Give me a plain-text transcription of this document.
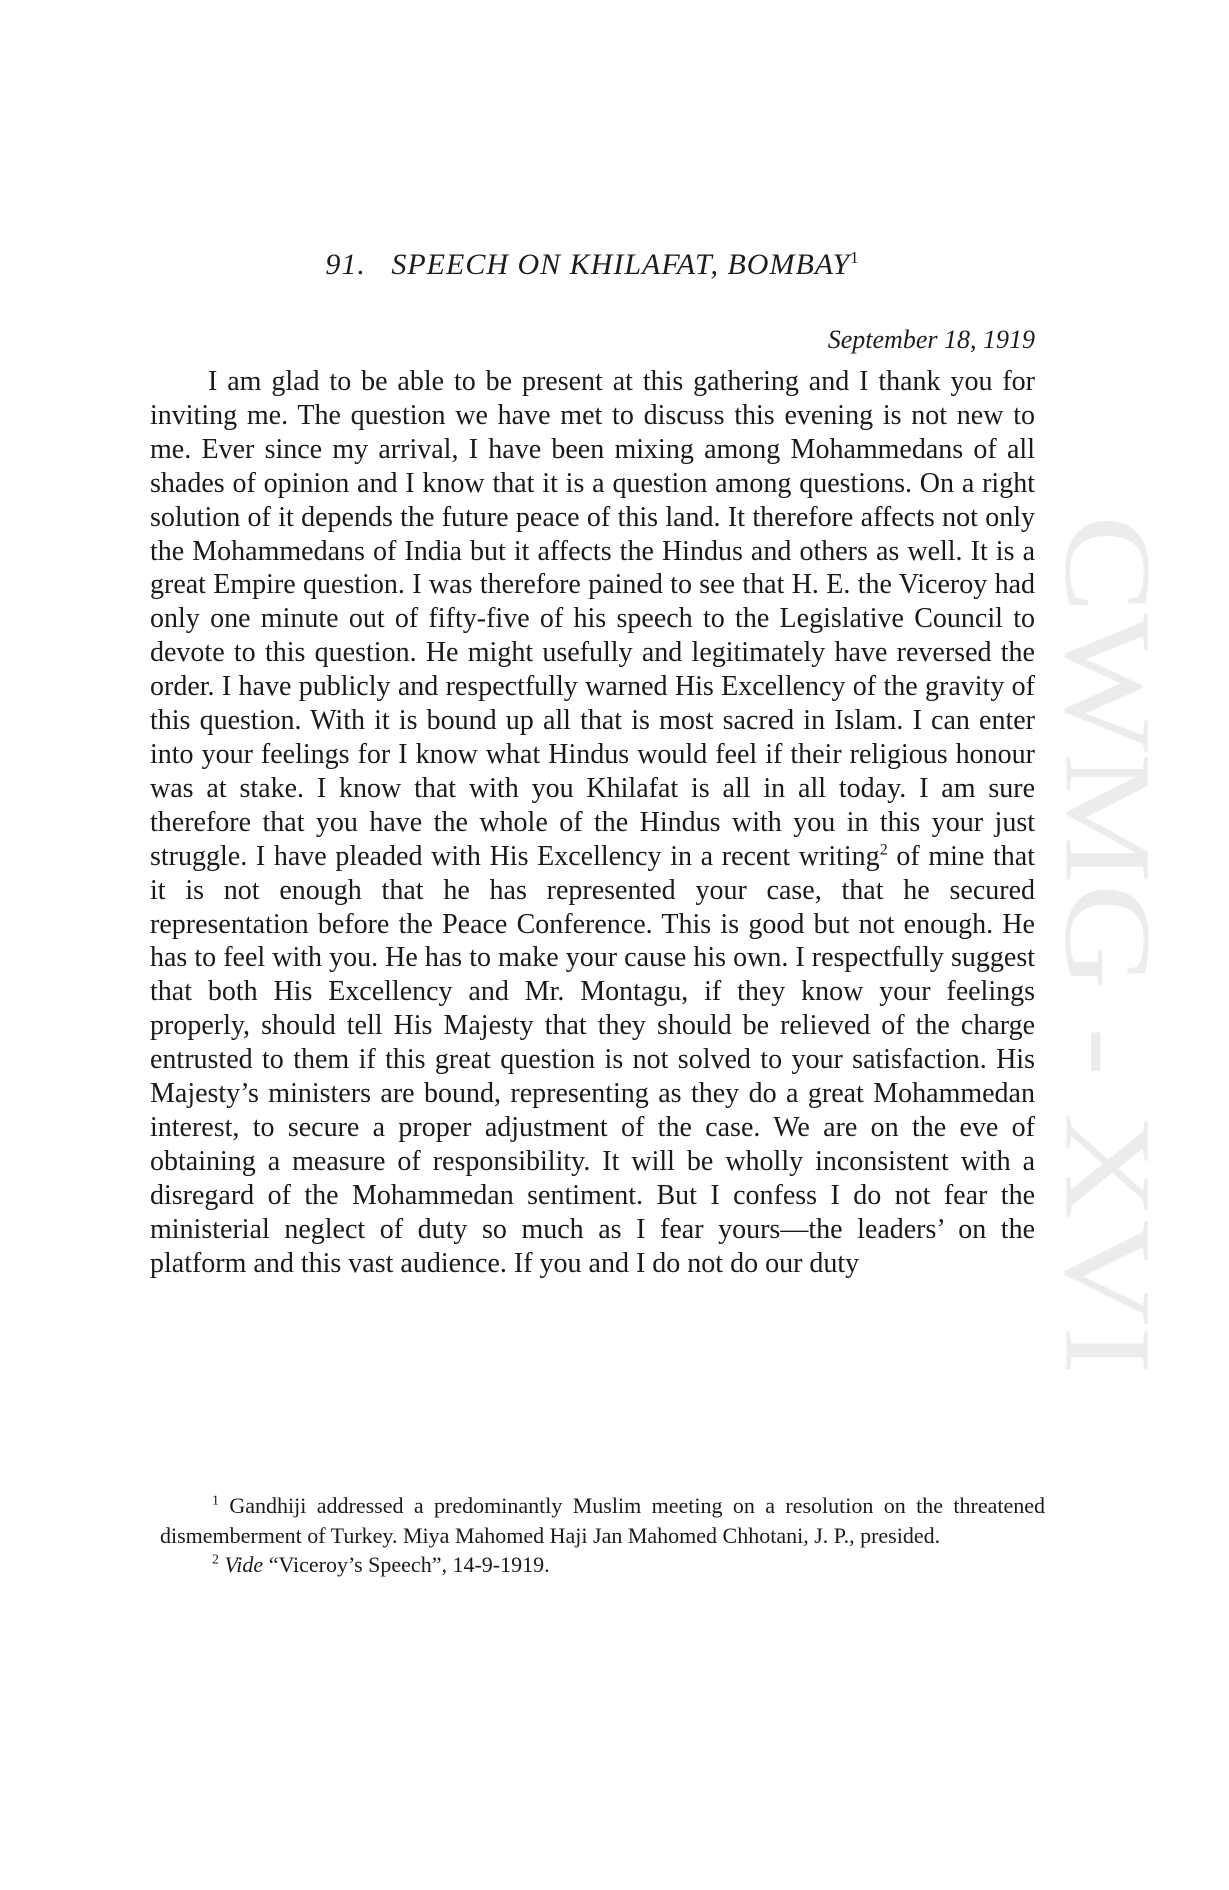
CWMG - XVI
91. SPEECH ON KHILAFAT, BOMBAY$^1$
September 18, 1919

I am glad to be able to be present at this gathering and I thank you for inviting me. The question we have met to discuss this evening is not new to me. Ever since my arrival, I have been mixing among Mohammedans of all shades of opinion and I know that it is a question among questions. On a right solution of it depends the future peace of this land. It therefore affects not only the Mohammedans of India but it affects the Hindus and others as well. It is a great Empire question. I was therefore pained to see that H. E. the Viceroy had only one minute out of fifty-five of his speech to the Legislative Council to devote to this question. He might usefully and legitimately have reversed the order. I have publicly and respectfully warned His Excellency of the gravity of this question. With it is bound up all that is most sacred in Islam. I can enter into your feelings for I know what Hindus would feel if their religious honour was at stake. I know that with you Khilafat is all in all today. I am sure therefore that you have the whole of the Hindus with you in this your just struggle. I have pleaded with His Excellency in a recent writing$^2$ of mine that it is not enough that he has represented your case, that he secured representation before the Peace Conference. This is good but not enough. He has to feel with you. He has to make your cause his own. I respectfully suggest that both His Excellency and Mr. Montagu, if they know your feelings properly, should tell His Majesty that they should be relieved of the charge entrusted to them if this great question is not solved to your satisfaction. His Majesty’s ministers are bound, representing as they do a great Mohammedan interest, to secure a proper adjustment of the case. We are on the eve of obtaining a measure of responsibility. It will be wholly inconsistent with a disregard of the Mohammedan sentiment. But I confess I do not fear the ministerial neglect of duty so much as I fear yours—the leaders’ on the platform and this vast audience. If you and I do not do our duty

$^1$ Gandhiji addressed a predominantly Muslim meeting on a resolution on the threatened dismemberment of Turkey. Miya Mahomed Haji Jan Mahomed Chhotani, J. P., presided.

$^2$ Vide “Viceroy’s Speech”, 14-9-1919.
